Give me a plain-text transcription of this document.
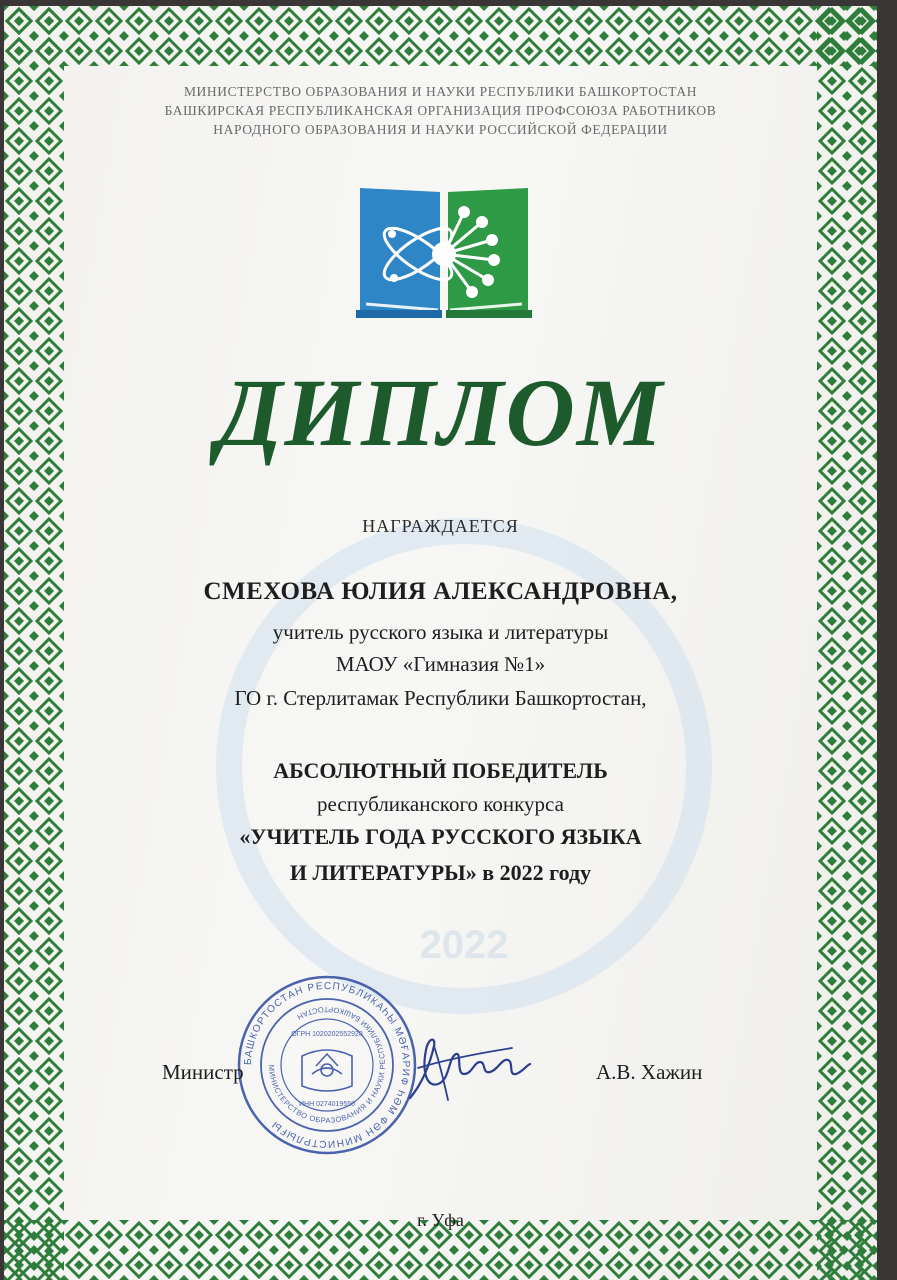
2022
МИНИСТЕРСТВО ОБРАЗОВАНИЯ И НАУКИ РЕСПУБЛИКИ БАШКОРТОСТАН
БАШКИРСКАЯ РЕСПУБЛИКАНСКАЯ ОРГАНИЗАЦИЯ ПРОФСОЮЗА РАБОТНИКОВ
НАРОДНОГО ОБРАЗОВАНИЯ И НАУКИ РОССИЙСКОЙ ФЕДЕРАЦИИ
ДИПЛОМ
НАГРАЖДАЕТСЯ
СМЕХОВА ЮЛИЯ АЛЕКСАНДРОВНА,
учитель русского языка и литературы
МАОУ «Гимназия №1»
ГО г. Стерлитамак Республики Башкортостан,
АБСОЛЮТНЫЙ ПОБЕДИТЕЛЬ
республиканского конкурса
«УЧИТЕЛЬ ГОДА РУССКОГО ЯЗЫКА
И ЛИТЕРАТУРЫ» в 2022 году
БАШКОРТОСТАН РЕСПУБЛИКАҺЫ МӘҒАРИФ ҺӘМ ФӘН МИНИСТРЛЫҒЫ
МИНИСТЕРСТВО ОБРАЗОВАНИЯ И НАУКИ РЕСПУБЛИКИ БАШКОРТОСТАН
ОГРН 1020202552920
ИНН 0274019550
Министр	А.В. Хажин
г. Уфа
